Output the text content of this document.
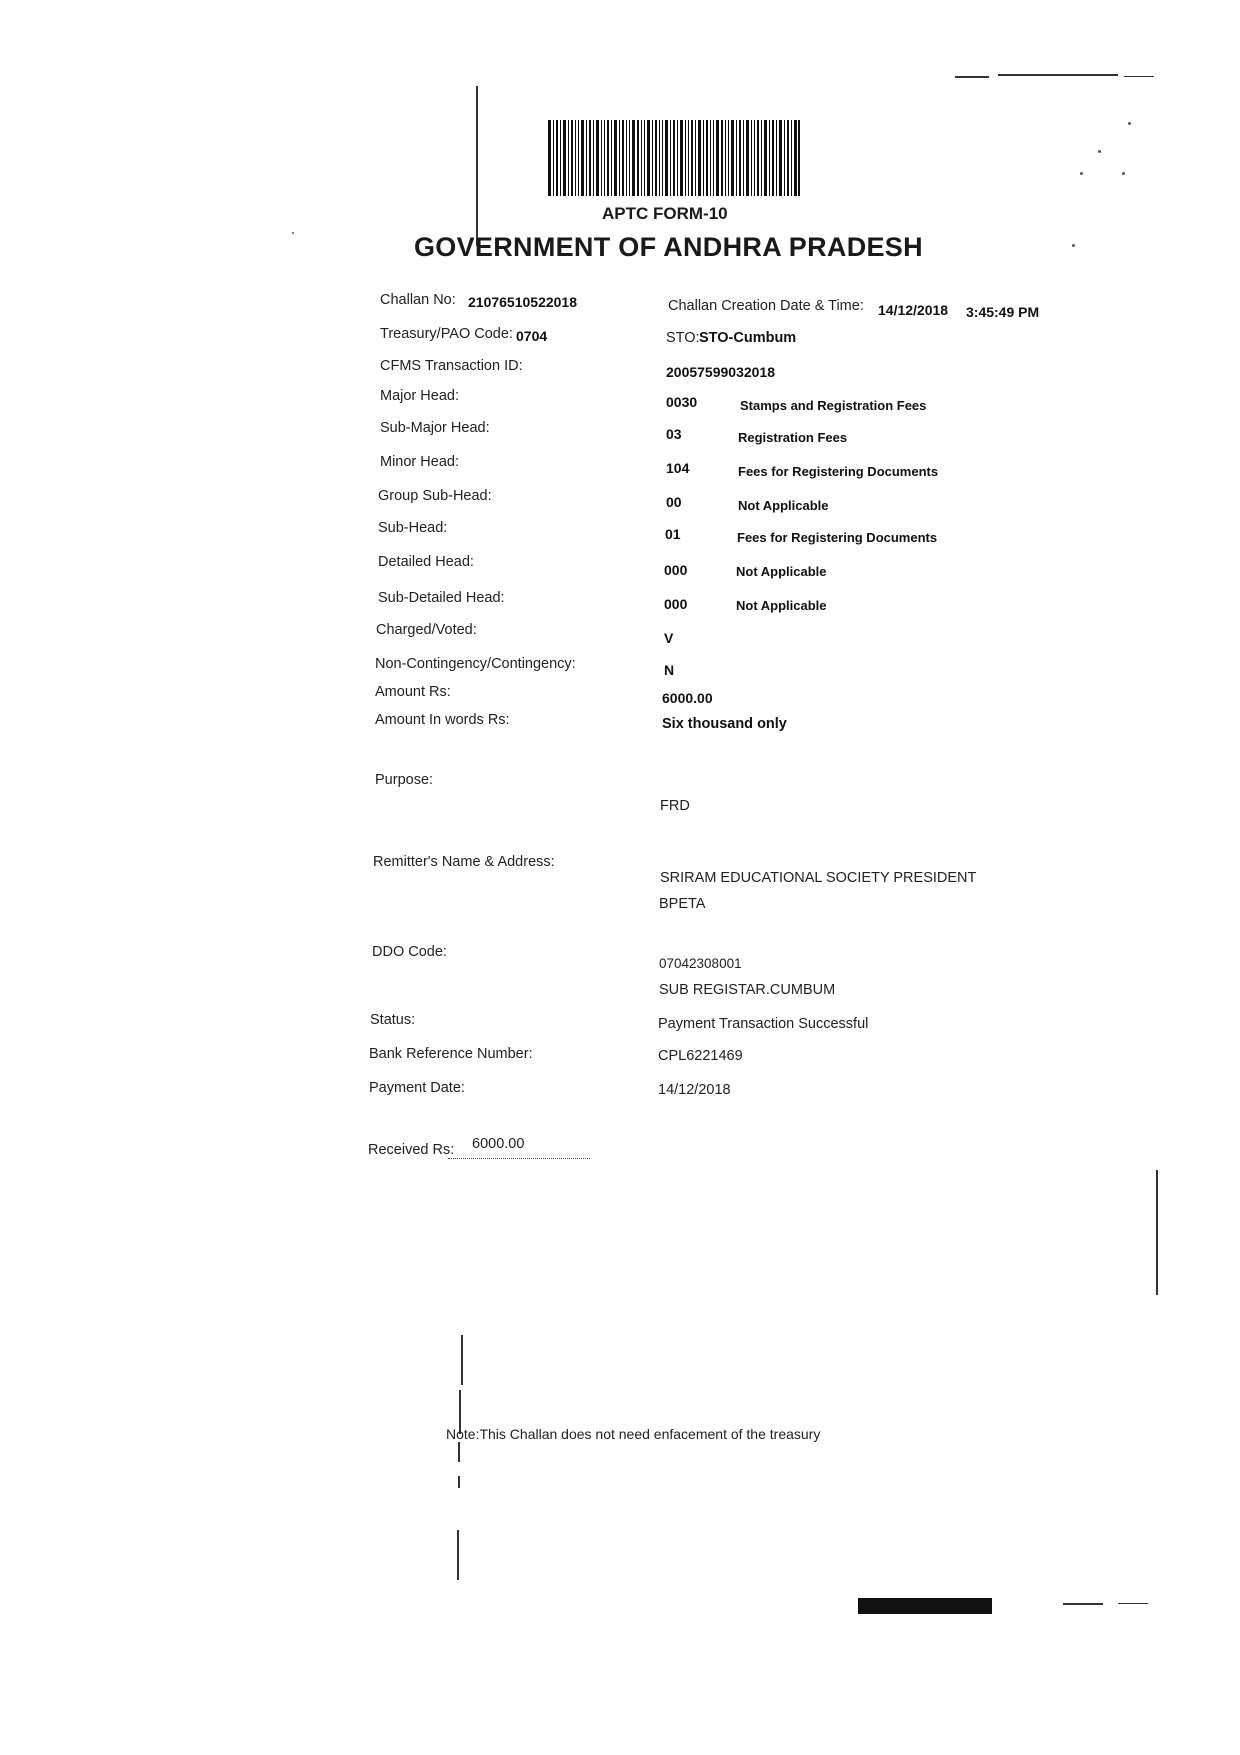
APTC FORM-10
GOVERNMENT OF ANDHRA PRADESH
Challan No: 21076510522018	Challan Creation Date & Time: 14/12/2018 3:45:49 PM
Treasury/PAO Code: 0704	STO: STO-Cumbum
CFMS Transaction ID:	20057599032018
Major Head:	0030	Stamps and Registration Fees
Sub-Major Head:	03	Registration Fees
Minor Head:	104	Fees for Registering Documents
Group Sub-Head:	00	Not Applicable
Sub-Head:	01	Fees for Registering Documents
Detailed Head:	000	Not Applicable
Sub-Detailed Head:	000	Not Applicable
Charged/Voted:	V
Non-Contingency/Contingency:	N
Amount Rs:	6000.00
Amount In words Rs:	Six thousand only
Purpose:
FRD
Remitter's Name & Address:
SRIRAM EDUCATIONAL SOCIETY PRESIDENT
BPETA
DDO Code:
07042308001
SUB REGISTAR.CUMBUM
Status:	Payment Transaction Successful
Bank Reference Number:	CPL6221469
Payment Date:	14/12/2018
Received Rs: 6000.00
Note:This Challan does not need enfacement of the treasury
